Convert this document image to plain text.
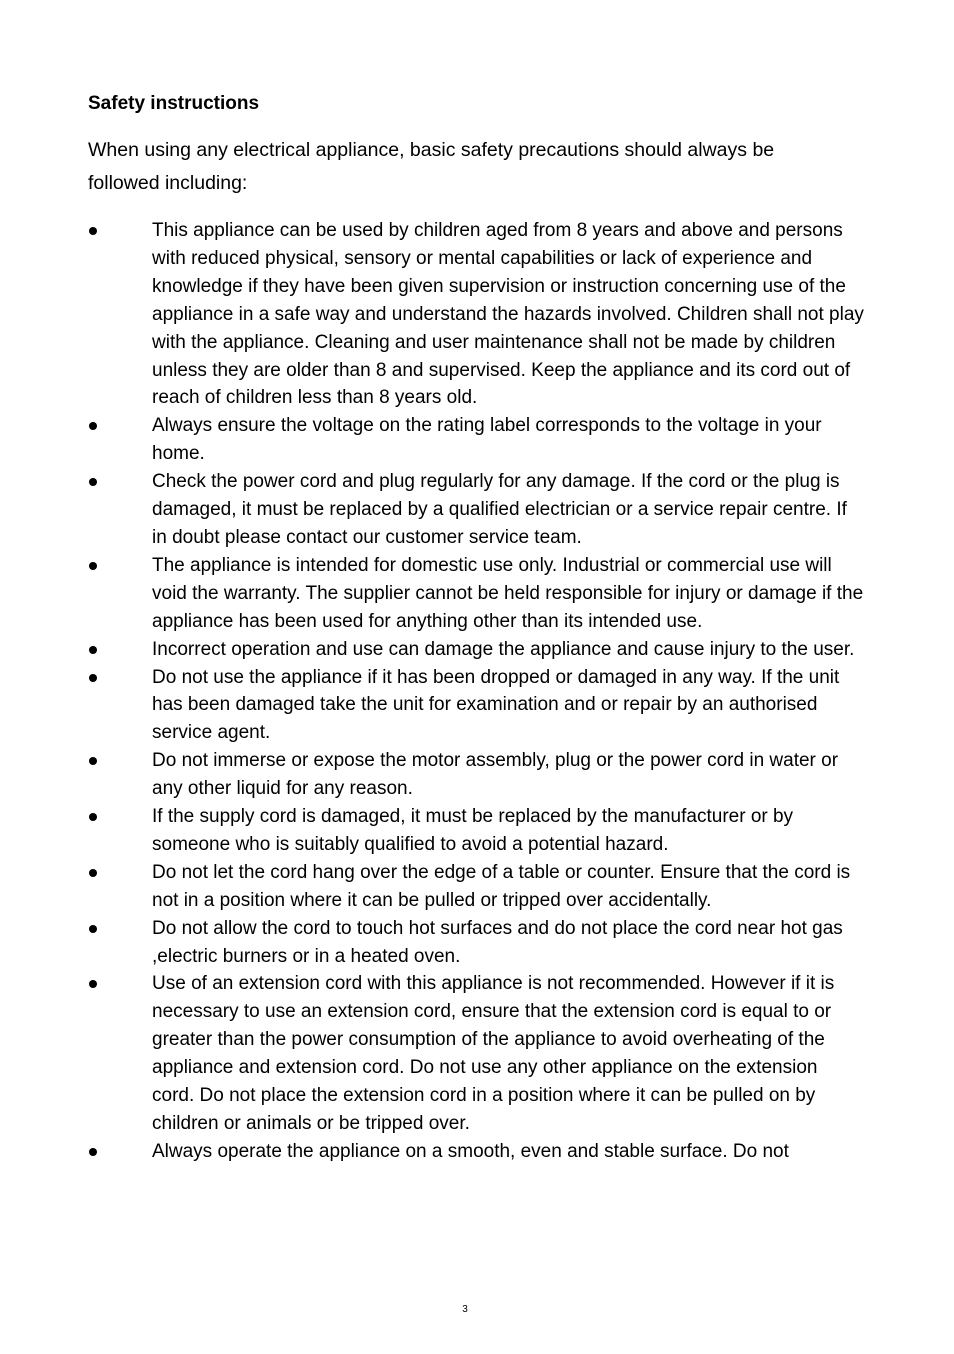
Safety instructions

When using any electrical appliance, basic safety precautions should always be followed including:

This appliance can be used by children aged from 8 years and above and persons with reduced physical, sensory or mental capabilities or lack of experience and knowledge if they have been given supervision or instruction concerning use of the appliance in a safe way and understand the hazards involved. Children shall not play with the appliance. Cleaning and user maintenance shall not be made by children unless they are older than 8 and supervised. Keep the appliance and its cord out of reach of children less than 8 years old.
Always ensure the voltage on the rating label corresponds to the voltage in your home.
Check the power cord and plug regularly for any damage. If the cord or the plug is damaged, it must be replaced by a qualified electrician or a service repair centre. If in doubt please contact our customer service team.
The appliance is intended for domestic use only. Industrial or commercial use will void the warranty. The supplier cannot be held responsible for injury or damage if the appliance has been used for anything other than its intended use.
Incorrect operation and use can damage the appliance and cause injury to the user.
Do not use the appliance if it has been dropped or damaged in any way. If the unit has been damaged take the unit for examination and or repair by an authorised service agent.
Do not immerse or expose the motor assembly, plug or the power cord in water or any other liquid for any reason.
If the supply cord is damaged, it must be replaced by the manufacturer or by someone who is suitably qualified to avoid a potential hazard.
Do not let the cord hang over the edge of a table or counter. Ensure that the cord is not in a position where it can be pulled or tripped over accidentally.
Do not allow the cord to touch hot surfaces and do not place the cord near hot gas ,electric burners or in a heated oven.
Use of an extension cord with this appliance is not recommended. However if it is necessary to use an extension cord, ensure that the extension cord is equal to or greater than the power consumption of the appliance to avoid overheating of the appliance and extension cord. Do not use any other appliance on the extension cord. Do not place the extension cord in a position where it can be pulled on by children or animals or be tripped over.
Always operate the appliance on a smooth, even and stable surface. Do not
3
